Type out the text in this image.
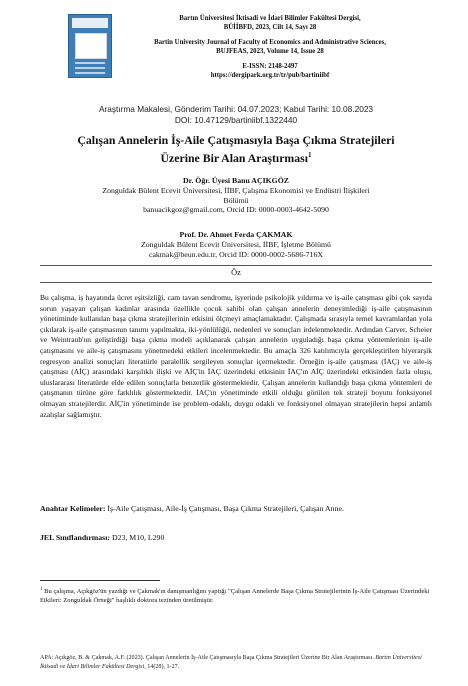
Bartın Üniversitesi İktisadi ve İdari Bilimler Fakültesi Dergisi,
BÜİİBFD, 2023, Cilt 14, Sayı 28
Bartin University Journal of Faculty of Economics and Administrative Sciences,
BUJFEAS, 2023, Volume 14, Issue 28
E-ISSN: 2148-2497
https://dergipark.org.tr/tr/pub/bartiniibf
Araştırma Makalesi, Gönderim Tarihi: 04.07.2023; Kabul Tarihi: 10.08.2023
DOI: 10.47129/bartiniibf.1322440
Çalışan Annelerin İş-Aile Çatışmasıyla Başa Çıkma Stratejileri
Üzerine Bir Alan Araştırması$^1$
Dr. Öğr. Üyesi Banu AÇIKGÖZ
Zonguldak Bülent Ecevit Üniversitesi, İİBF, Çalışma Ekonomisi ve Endüstri İlişkileri
Bölümü
banuacikgoz@gmail.com, Orcid ID: 0000-0003-4642-5090
Prof. Dr. Ahmet Ferda ÇAKMAK
Zonguldak Bülent Ecevit Üniversitesi, İİBF, İşletme Bölümü
cakmak@beun.edu.tr, Orcid ID: 0000-0002-5686-716X
Öz
Bu çalışma, iş hayatında ücret eşitsizliği, cam tavan sendromu, işyerinde psikolojik yıldırma ve iş-aile çatışması gibi çok sayıda sorun yaşayan çalışan kadınlar arasında özellikle çocuk sahibi olan çalışan annelerin deneyimlediği iş-aile çatışmasının yönetiminde kullanılan başa çıkma stratejilerinin etkisini ölçmeyi amaçlamaktadır. Çalışmada sırasıyla temel kavramlardan yola çıkılarak iş-aile çatışmasının tanımı yapılmakta, iki-yönlülüğü, nedenleri ve sonuçları irdelenmektedir. Ardından Carver, Scheier ve Weintraub'un geliştirdiği başa çıkma modeli açıklanarak çalışan annelerin uyguladığı başa çıkma yöntemlerinin iş-aile çatışmasını ve aile-iş çatışmasını yönetmedeki etkileri incelenmektedir. Bu amaçla 326 katılımcıyla gerçekleştirilen hiyerarşik regresyon analizi sonuçları literatürle paralellik sergileyen sonuçlar içermektedir. Örneğin iş-aile çatışması (İAÇ) ve aile-iş çatışması (AİÇ) arasındaki karşılıklı ilişki ve AİÇ'in İAÇ üzerindeki etkisinin İAÇ'ın AİÇ üzerindeki etkisinden fazla oluşu, uluslararası literatürde elde edilen sonuçlarla benzerlik göstermektedir. Çalışan annelerin kullandığı başa çıkma yöntemleri de çatışmanın türüne göre farklılık göstermektedir. İAÇ'ın yönetiminde etkili olduğu görülen tek strateji boyutu fonksiyonel olmayan stratejilerdir. AİÇ'in yönetiminde ise problem-odaklı, duygu odaklı ve fonksiyonel olmayan stratejilerin hepsi anlamlı azalışlar sağlamıştır.
Anahtar Kelimeler: İş-Aile Çatışması, Aile-İş Çatışması, Başa Çıkma Stratejileri, Çalışan Anne.
JEL Sınıflandırması: D23, M10, L290
$^1$ Bu çalışma, Açıkgöz'ün yazdığı ve Çakmak'ın danışmanlığını yaptığı "Çalışan Annelerde Başa Çıkma Stratejilerinin İş-Aile Çatışması Üzerindeki Etkileri: Zonguldak Örneği" başlıklı doktora tezinden üretilmiştir.
APA: Açıkgöz, B. & Çakmak, A.F. (2023). Çalışan Annelerin İş-Aile Çatışmasıyla Başa Çıkma Stratejileri Üzerine Bir Alan Araştırması. Bartın Üniversitesi İktisadi ve İdari Bilimler Fakültesi Dergisi, 14(28), 1-27.
